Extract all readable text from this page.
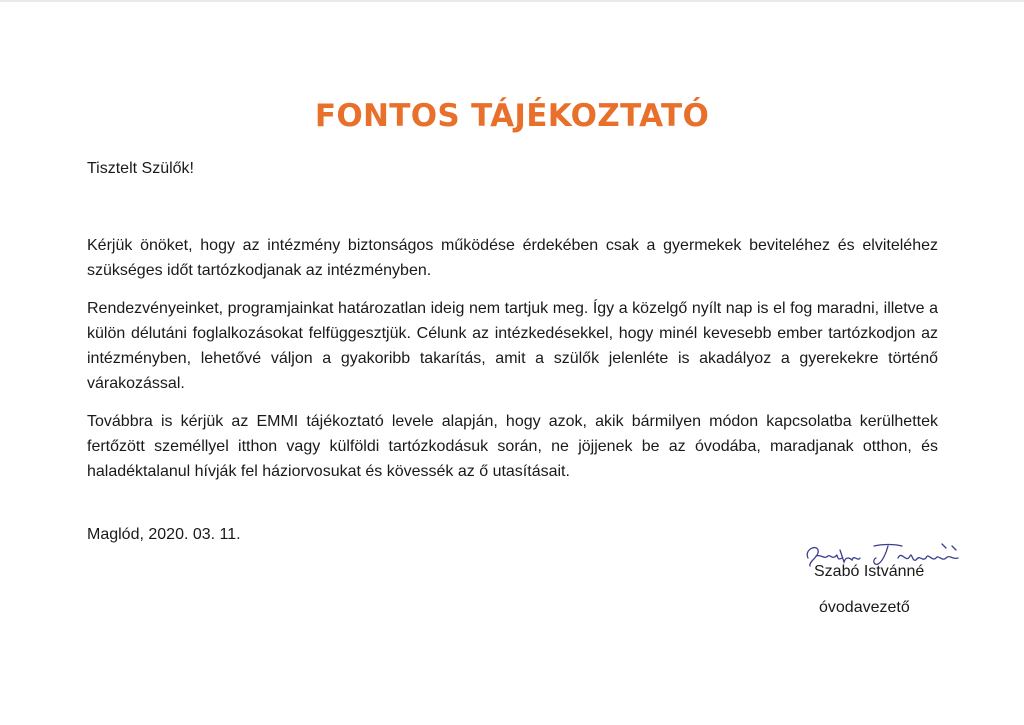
FONTOS TÁJÉKOZTATÓ

Tisztelt Szülők!

Kérjük önöket, hogy az intézmény biztonságos működése érdekében csak a gyermekek beviteléhez és elviteléhez szükséges időt tartózkodjanak az intézményben.

Rendezvényeinket, programjainkat határozatlan ideig nem tartjuk meg. Így a közelgő nyílt nap is el fog maradni, illetve a külön délutáni foglalkozásokat felfüggesztjük. Célunk az intézkedésekkel, hogy minél kevesebb ember tartózkodjon az intézményben, lehetővé váljon a gyakoribb takarítás, amit a szülők jelenléte is akadályoz a gyerekekre történő várakozással.

Továbbra is kérjük az EMMI tájékoztató levele alapján, hogy azok, akik bármilyen módon kapcsolatba kerülhettek fertőzött személlyel itthon vagy külföldi tartózkodásuk során, ne jöjjenek be az óvodába, maradjanak otthon, és haladéktalanul hívják fel háziorvosukat és kövessék az ő utasításait.

Maglód, 2020. 03. 11.

Szabó Istvánné

óvodavezető
